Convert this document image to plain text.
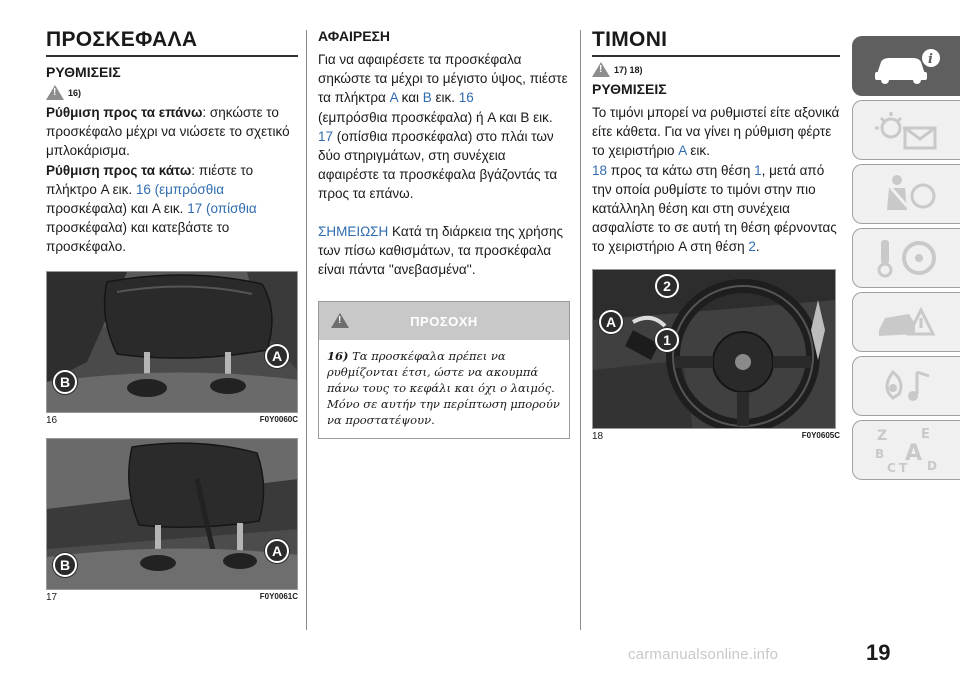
ΠΡΟΣΚΕΦΑΛΑ
ΡΥΘΜΙΣΕΙΣ
!
16)

Ρύθμιση προς τα επάνω: σηκώστε το προσκέφαλο μέχρι να νιώσετε το σχετικό μπλοκάρισμα.
Ρύθμιση προς τα κάτω: πιέστε το πλήκτρο A εικ. 16 (εμπρόσθια προσκέφαλα) και A εικ. 17 (οπίσθια προσκέφαλα) και κατεβάστε το προσκέφαλο.

A
B
16	F0Y0060C
A
B
17	F0Y0061C
ΑΦΑΙΡΕΣΗ

Για να αφαιρέσετε τα προσκέφαλα σηκώστε τα μέχρι το μέγιστο ύψος, πιέστε τα πλήκτρα A και B εικ. 16
(εμπρόσθια προσκέφαλα) ή A και B εικ. 17 (οπίσθια προσκέφαλα) στο πλάι των δύο στηριγμάτων, στη συνέχεια αφαιρέστε τα προσκέφαλα βγάζοντάς τα προς τα επάνω.

ΣΗΜΕΙΩΣΗ Κατά τη διάρκεια της χρήσης των πίσω καθισμάτων, τα προσκέφαλα είναι πάντα ''ανεβασμένα''.

!
ΠΡΟΣΟΧΗ
16) Τα προσκέφαλα πρέπει να ρυθμίζονται έτσι, ώστε να ακουμπά πάνω τους το κεφάλι και όχι ο λαιμός. Μόνο σε αυτήν την περίπτωση μπορούν να προστατέψουν.
ΤΙΜΟΝΙ
!
17) 18)
ΡΥΘΜΙΣΕΙΣ

Το τιμόνι μπορεί να ρυθμιστεί είτε αξονικά είτε κάθετα. Για να γίνει η ρύθμιση φέρτε το χειριστήριο A εικ.
18 προς τα κάτω στη θέση 1, μετά από την οποία ρυθμίστε το τιμόνι στην πιο κατάλληλη θέση και στη συνέχεια ασφαλίστε το σε αυτή τη θέση φέρνοντας το χειριστήριο A στη θέση 2.

2
A
1
18	F0Y0605C
i
Z	E
B A
C T D
19
carmanualsonline.info
